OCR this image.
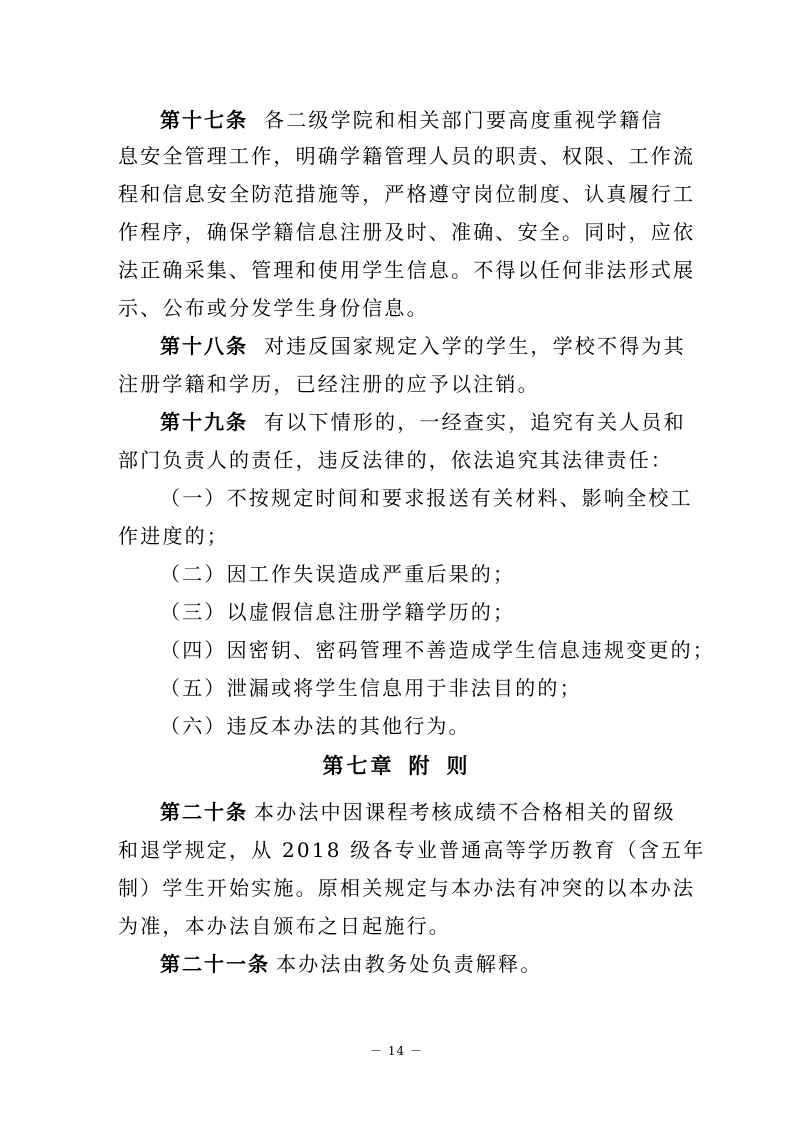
第十七条 各二级学院和相关部门要高度重视学籍信
息安全管理工作，明确学籍管理人员的职责、权限、工作流
程和信息安全防范措施等，严格遵守岗位制度、认真履行工
作程序，确保学籍信息注册及时、准确、安全。同时，应依
法正确采集、管理和使用学生信息。不得以任何非法形式展
示、公布或分发学生身份信息。
第十八条 对违反国家规定入学的学生，学校不得为其
注册学籍和学历，已经注册的应予以注销。
第十九条 有以下情形的，一经查实，追究有关人员和
部门负责人的责任，违反法律的，依法追究其法律责任：
（一）不按规定时间和要求报送有关材料、影响全校工
作进度的；
（二）因工作失误造成严重后果的；
（三）以虚假信息注册学籍学历的；
（四）因密钥、密码管理不善造成学生信息违规变更的；
（五）泄漏或将学生信息用于非法目的的；
（六）违反本办法的其他行为。
第七章 附 则
第二十条 本办法中因课程考核成绩不合格相关的留级
和退学规定，从 2018 级各专业普通高等学历教育（含五年
制）学生开始实施。原相关规定与本办法有冲突的以本办法
为准，本办法自颁布之日起施行。
第二十一条 本办法由教务处负责解释。
－ 14 －
